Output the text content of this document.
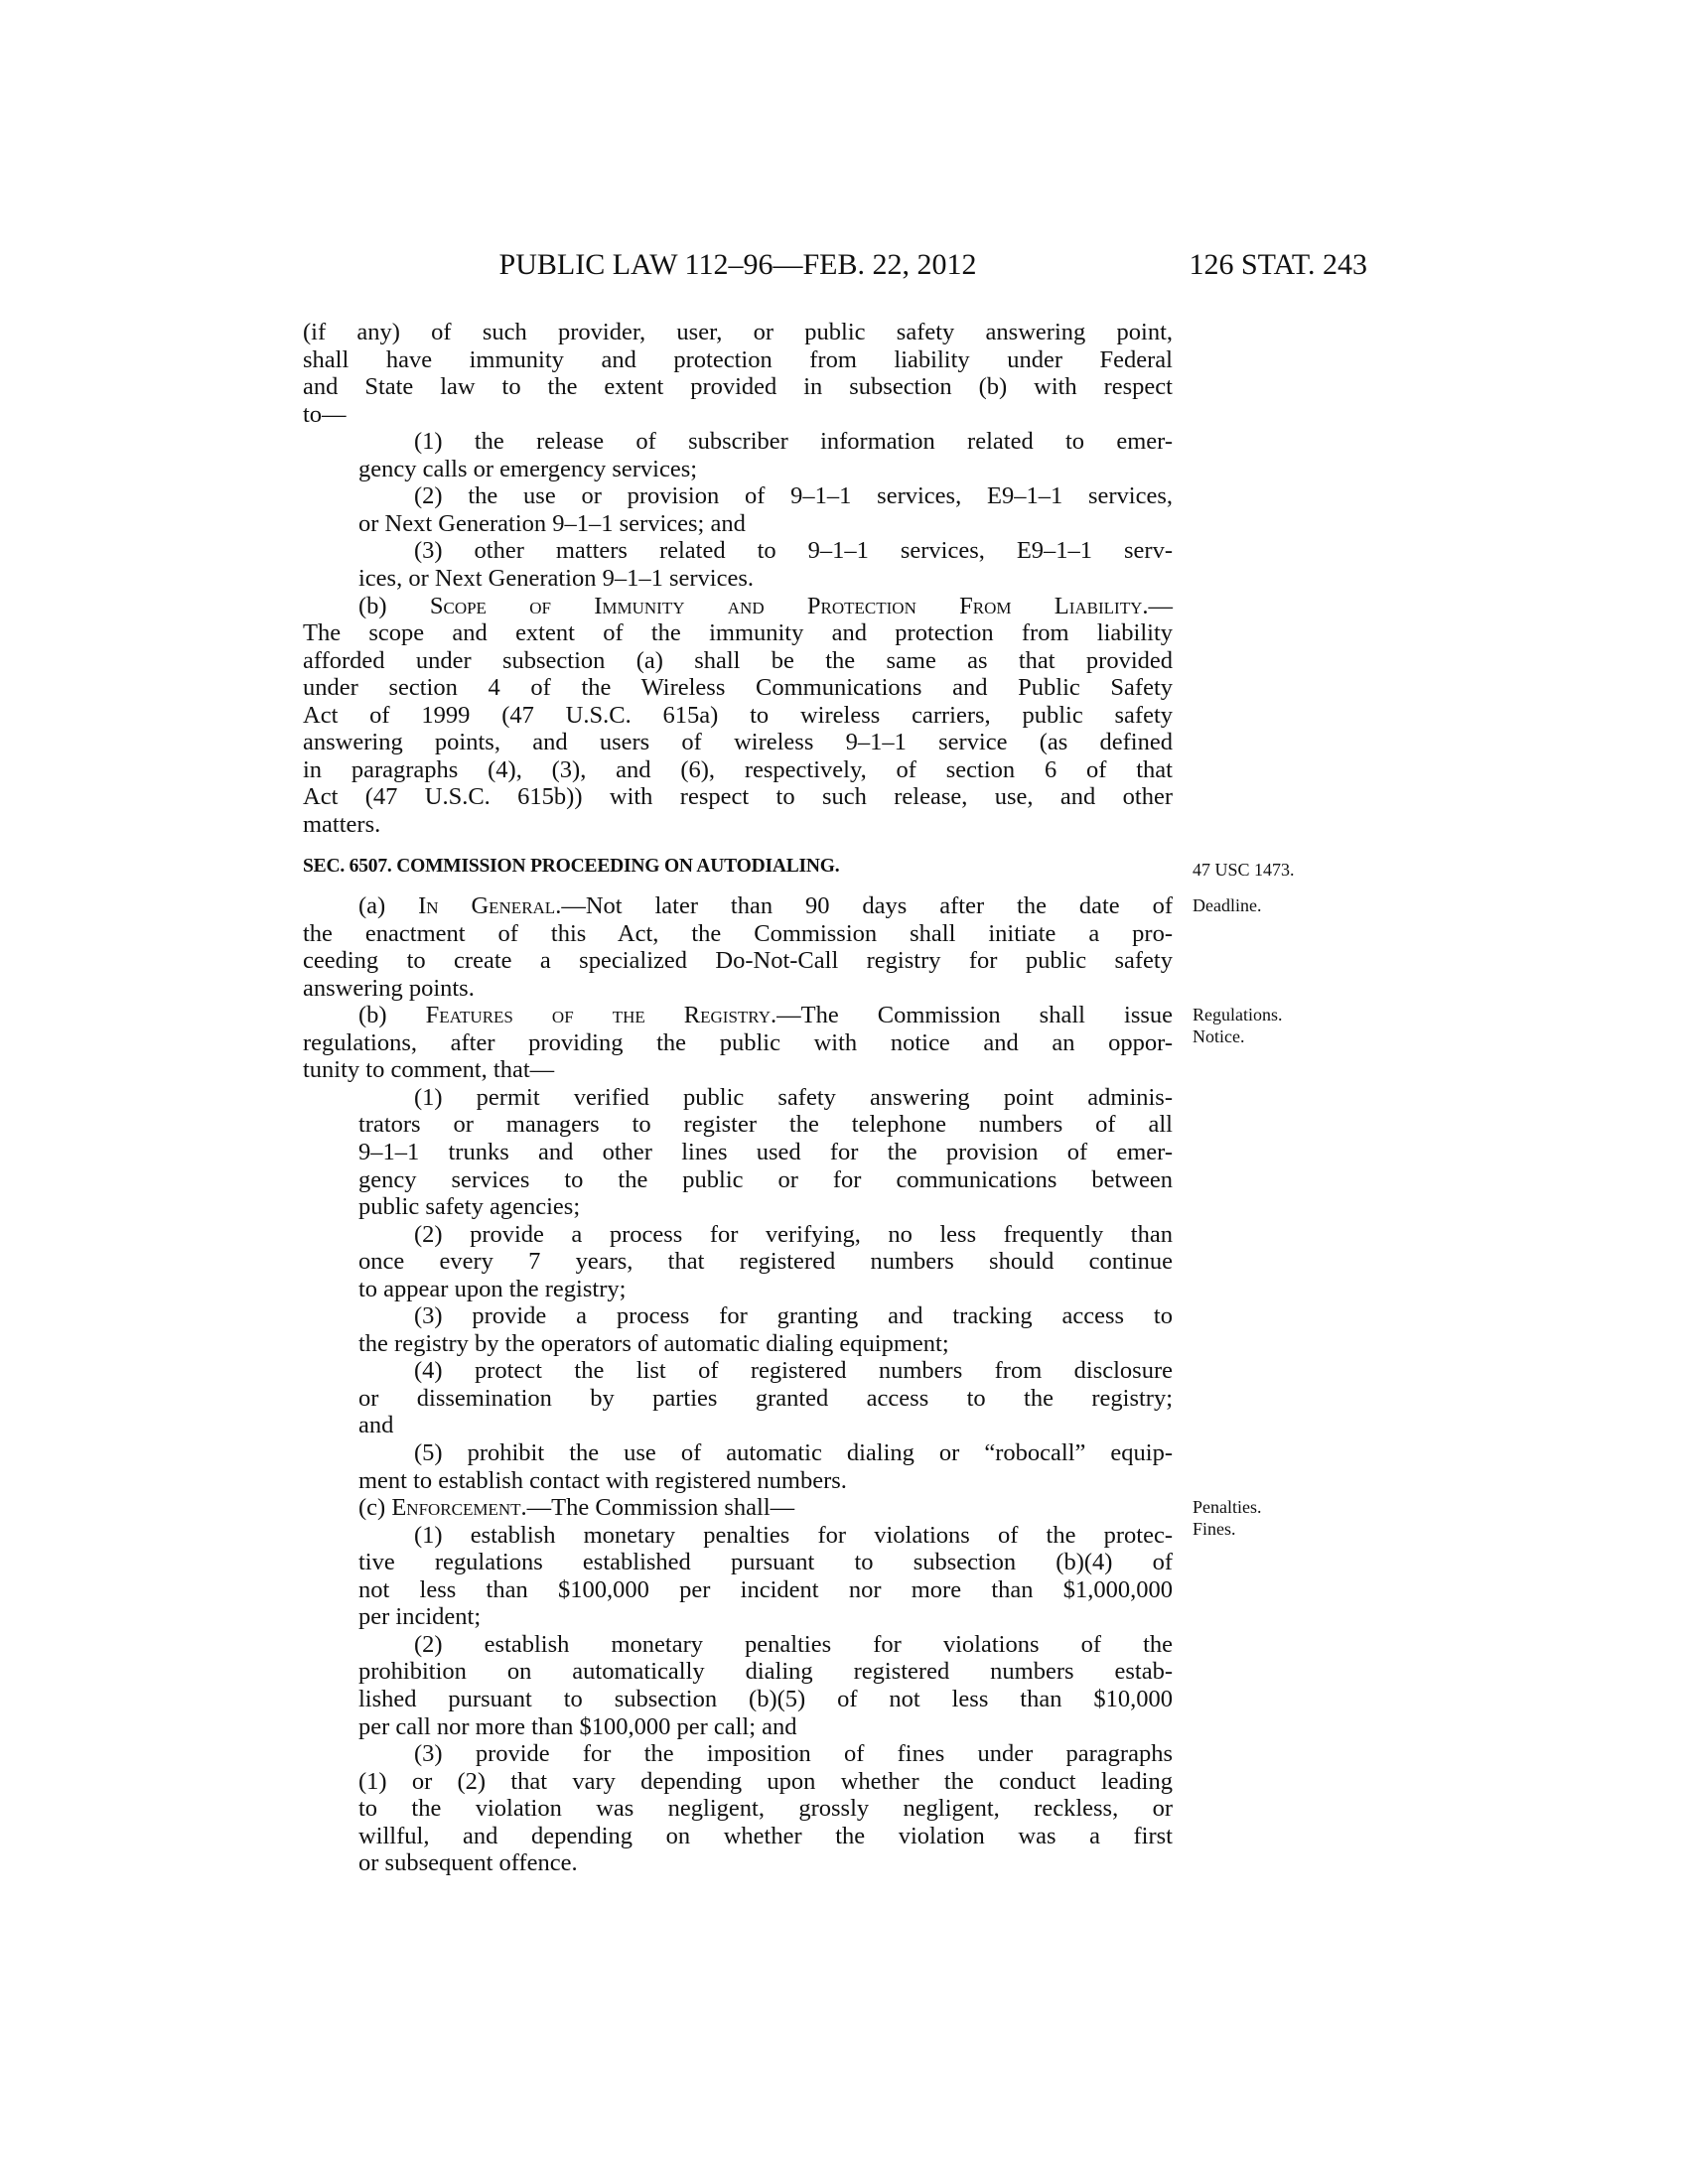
PUBLIC LAW 112–96—FEB. 22, 2012	126 STAT. 243
(if any) of such provider, user, or public safety answering point,
shall have immunity and protection from liability under Federal
and State law to the extent provided in subsection (b) with respect
to—
(1) the release of subscriber information related to emer-
gency calls or emergency services;
(2) the use or provision of 9–1–1 services, E9–1–1 services,
or Next Generation 9–1–1 services; and
(3) other matters related to 9–1–1 services, E9–1–1 serv-
ices, or Next Generation 9–1–1 services.
(b) Scope of Immunity and Protection From Liability.—
The scope and extent of the immunity and protection from liability
afforded under subsection (a) shall be the same as that provided
under section 4 of the Wireless Communications and Public Safety
Act of 1999 (47 U.S.C. 615a) to wireless carriers, public safety
answering points, and users of wireless 9–1–1 service (as defined
in paragraphs (4), (3), and (6), respectively, of section 6 of that
Act (47 U.S.C. 615b)) with respect to such release, use, and other
matters.
(a) In General.—Not later than 90 days after the date of Deadline.
the enactment of this Act, the Commission shall initiate a pro-
ceeding to create a specialized Do-Not-Call registry for public safety
answering points.
(b) Features of the Registry.—The Commission shall issue Regulations.
Notice.
regulations, after providing the public with notice and an oppor-
tunity to comment, that—
(1) permit verified public safety answering point adminis-
trators or managers to register the telephone numbers of all
9–1–1 trunks and other lines used for the provision of emer-
gency services to the public or for communications between
public safety agencies;
(2) provide a process for verifying, no less frequently than
once every 7 years, that registered numbers should continue
to appear upon the registry;
(3) provide a process for granting and tracking access to
the registry by the operators of automatic dialing equipment;
(4) protect the list of registered numbers from disclosure
or dissemination by parties granted access to the registry;
and
(5) prohibit the use of automatic dialing or “robocall” equip-
ment to establish contact with registered numbers.
(c) Enforcement.—The Commission shall—	Penalties.
Fines.
(1) establish monetary penalties for violations of the protec-
tive regulations established pursuant to subsection (b)(4) of
not less than $100,000 per incident nor more than $1,000,000
per incident;
(2) establish monetary penalties for violations of the
prohibition on automatically dialing registered numbers estab-
lished pursuant to subsection (b)(5) of not less than $10,000
per call nor more than $100,000 per call; and
(3) provide for the imposition of fines under paragraphs
(1) or (2) that vary depending upon whether the conduct leading
to the violation was negligent, grossly negligent, reckless, or
willful, and depending on whether the violation was a first
or subsequent offence.
SEC. 6507. COMMISSION PROCEEDING ON AUTODIALING.	47 USC 1473.
